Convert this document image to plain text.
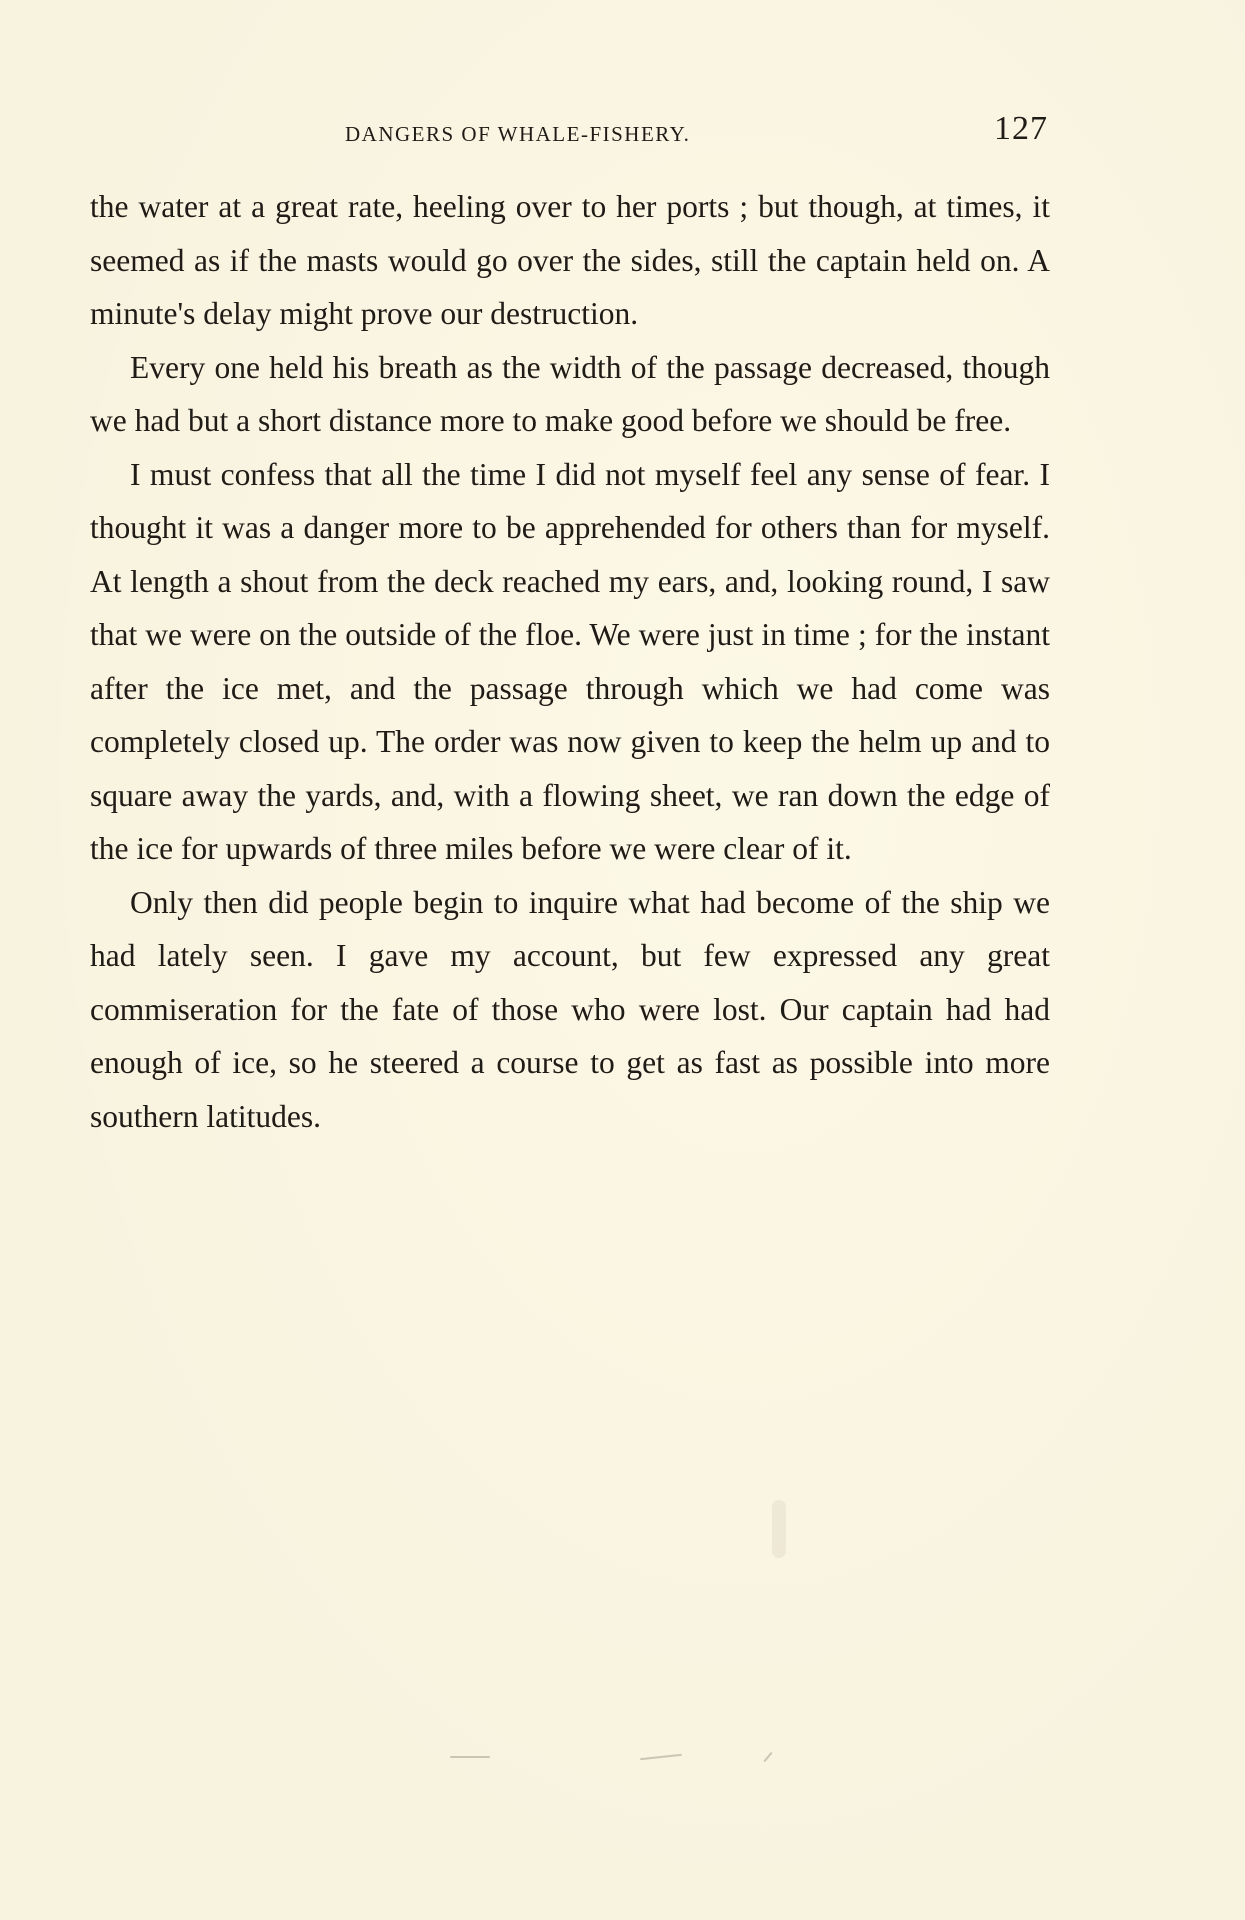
DANGERS OF WHALE-FISHERY.	127

the water at a great rate, heeling over to her ports ; but though, at times, it seemed as if the masts would go over the sides, still the captain held on. A minute's delay might prove our destruction.

Every one held his breath as the width of the passage decreased, though we had but a short distance more to make good before we should be free.

I must confess that all the time I did not myself feel any sense of fear. I thought it was a danger more to be apprehended for others than for myself. At length a shout from the deck reached my ears, and, looking round, I saw that we were on the outside of the floe. We were just in time ; for the instant after the ice met, and the passage through which we had come was completely closed up. The order was now given to keep the helm up and to square away the yards, and, with a flowing sheet, we ran down the edge of the ice for upwards of three miles before we were clear of it.

Only then did people begin to inquire what had become of the ship we had lately seen. I gave my account, but few expressed any great commiseration for the fate of those who were lost. Our captain had had enough of ice, so he steered a course to get as fast as possible into more southern latitudes.
